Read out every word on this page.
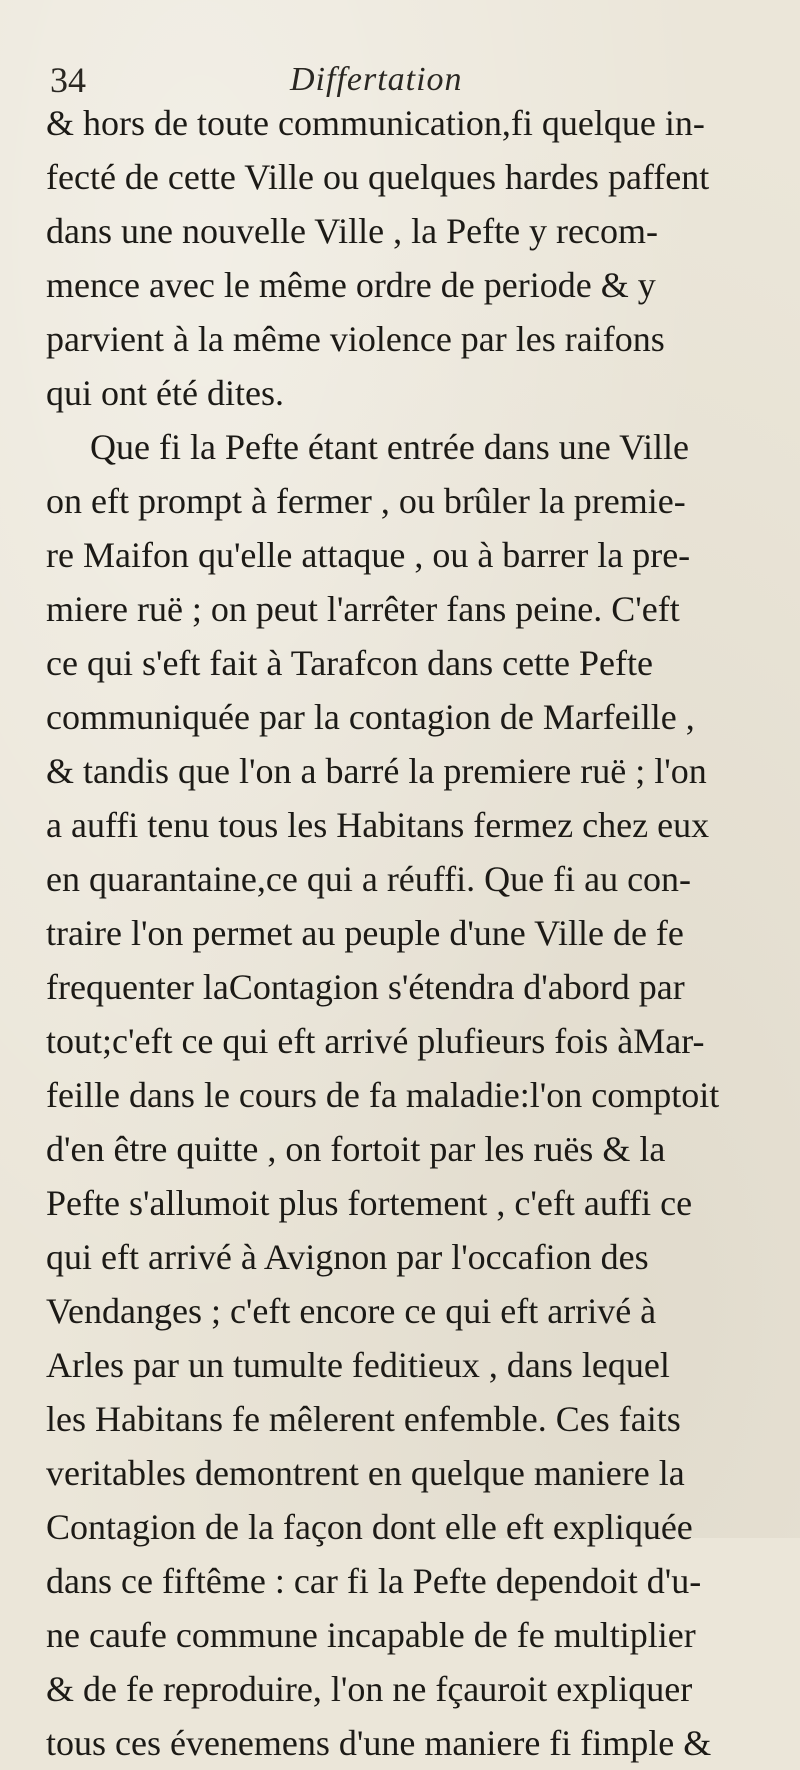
34	Differtation
& hors de toute communication,fi quelque in-
fecté de cette Ville ou quelques hardes paffent
dans une nouvelle Ville , la Pefte y recom-
mence avec le même ordre de periode & y
parvient à la même violence par les raifons
qui ont été dites.
Que fi la Pefte étant entrée dans une Ville
on eft prompt à fermer , ou brûler la premie-
re Maifon qu'elle attaque , ou à barrer la pre-
miere ruë ; on peut l'arrêter fans peine. C'eft
ce qui s'eft fait à Tarafcon dans cette Pefte
communiquée par la contagion de Marfeille ,
& tandis que l'on a barré la premiere ruë ; l'on
a auffi tenu tous les Habitans fermez chez eux
en quarantaine,ce qui a réuffi. Que fi au con-
traire l'on permet au peuple d'une Ville de fe
frequenter laContagion s'étendra d'abord par
tout;c'eft ce qui eft arrivé plufieurs fois àMar-
feille dans le cours de fa maladie:l'on comptoit
d'en être quitte , on fortoit par les ruës & la
Pefte s'allumoit plus fortement , c'eft auffi ce
qui eft arrivé à Avignon par l'occafion des
Vendanges ; c'eft encore ce qui eft arrivé à
Arles par un tumulte feditieux , dans lequel
les Habitans fe mêlerent enfemble. Ces faits
veritables demontrent en quelque maniere la
Contagion de la façon dont elle eft expliquée
dans ce fiftême : car fi la Pefte dependoit d'u-
ne caufe commune incapable de fe multiplier
& de fe reproduire, l'on ne fçauroit expliquer
tous ces évenemens d'une maniere fi fimple &
